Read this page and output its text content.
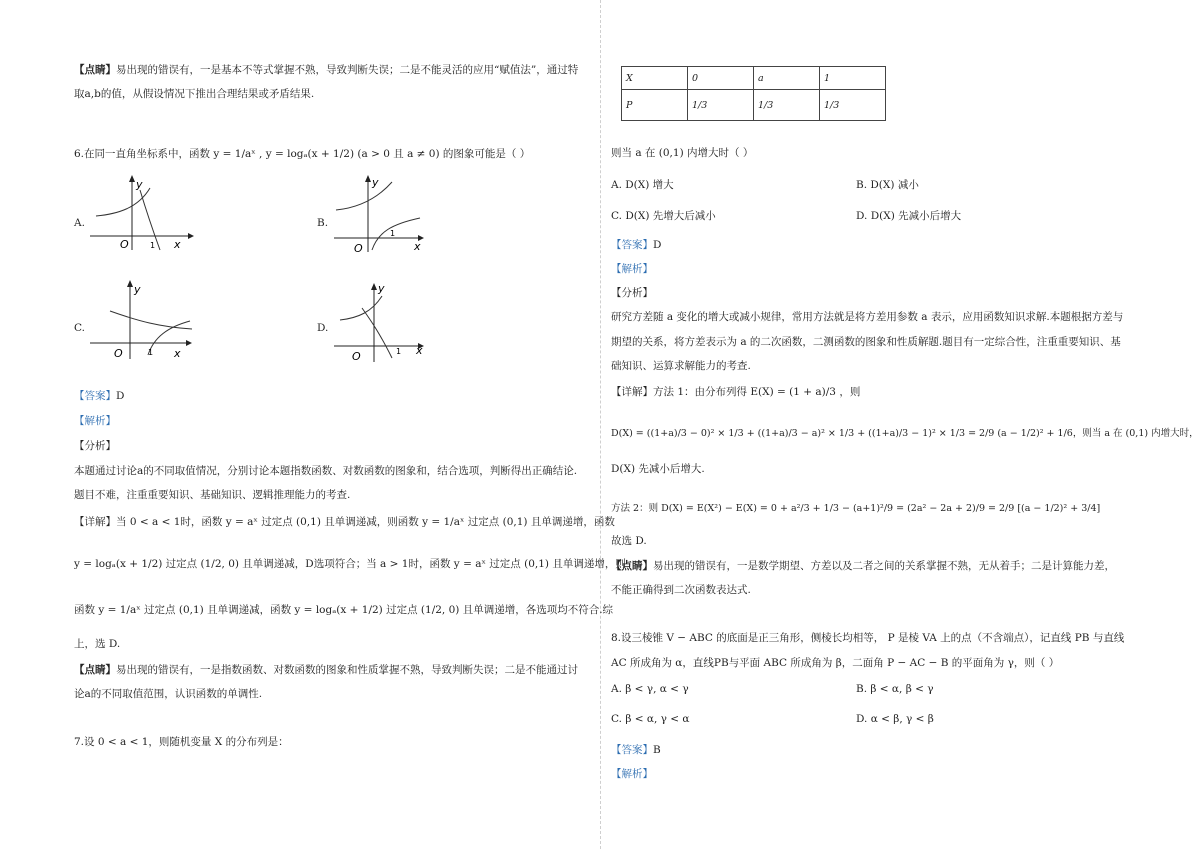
【点睛】易出现的错误有，一是基本不等式掌握不熟，导致判断失误；二是不能灵活的应用“赋值法”，通过特
取a,b的值，从假设情况下推出合理结果或矛盾结果.
6.在同一直角坐标系中，函数 y = 1/aˣ , y = logₐ(x + 1/2) (a > 0 且 a ≠ 0) 的图象可能是（ ）
A.
y
O	1 x
B.
y
O
1
x
C.
y
O	1 x
D.
y
O	1 x
【答案】D
【解析】
【分析】
本题通过讨论a的不同取值情况，分别讨论本题指数函数、对数函数的图象和，结合选项，判断得出正确结论.
题目不难，注重重要知识、基础知识、逻辑推理能力的考查.
【详解】当 0 < a < 1时，函数 y = aˣ 过定点 (0,1) 且单调递减，则函数 y = 1/aˣ 过定点 (0,1) 且单调递增，函数
y = logₐ(x + 1/2) 过定点 (1/2, 0) 且单调递减，D选项符合；当 a > 1时，函数 y = aˣ 过定点 (0,1) 且单调递增，则
函数 y = 1/aˣ 过定点 (0,1) 且单调递减，函数 y = logₐ(x + 1/2) 过定点 (1/2, 0) 且单调递增，各选项均不符合.综
上，选 D.
【点睛】易出现的错误有，一是指数函数、对数函数的图象和性质掌握不熟，导致判断失误；二是不能通过讨
论a的不同取值范围，认识函数的单调性.
7.设 0 < a < 1，则随机变量 X 的分布列是：
X	0	a	1
P	1/3	1/3	1/3
则当 a 在 (0,1) 内增大时（ ）
A. D(X) 增大	B. D(X) 减小
C. D(X) 先增大后减小	D. D(X) 先减小后增大
【答案】D
【解析】
【分析】
研究方差随 a 变化的增大或减小规律，常用方法就是将方差用参数 a 表示，应用函数知识求解.本题根据方差与
期望的关系，将方差表示为 a 的二次函数，二测函数的图象和性质解题.题目有一定综合性，注重重要知识、基
础知识、运算求解能力的考查.
【详解】方法 1：由分布列得 E(X) = (1 + a)/3 ，则
D(X) = ((1+a)/3 − 0)² × 1/3 + ((1+a)/3 − a)² × 1/3 + ((1+a)/3 − 1)² × 1/3 = 2/9 (a − 1/2)² + 1/6，则当 a 在 (0,1) 内增大时，
D(X) 先减小后增大.
方法 2：则 D(X) = E(X²) − E(X) = 0 + a²/3 + 1/3 − (a+1)²/9 = (2a² − 2a + 2)/9 = 2/9 [(a − 1/2)² + 3/4]
故选 D.
【点睛】易出现的错误有，一是数学期望、方差以及二者之间的关系掌握不熟，无从着手；二是计算能力差，
不能正确得到二次函数表达式.
8.设三棱锥 V − ABC 的底面是正三角形，侧棱长均相等， P 是棱 VA 上的点（不含端点），记直线 PB 与直线
AC 所成角为 α，直线PB与平面 ABC 所成角为 β，二面角 P − AC − B 的平面角为 γ，则（ ）
A. β < γ, α < γ	B. β < α, β < γ
C. β < α, γ < α	D. α < β, γ < β
【答案】B
【解析】
